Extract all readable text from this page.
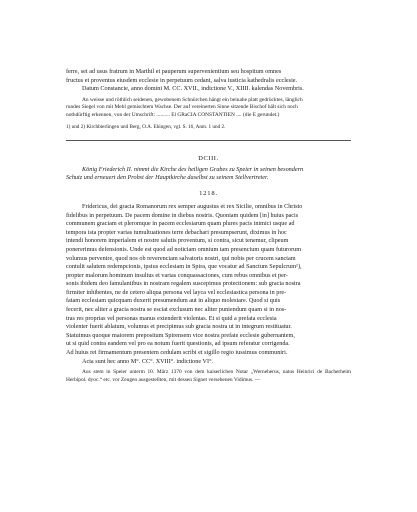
ferre, set ad usus fratrum in Marthil et pauperum supervenientium seu hospitum omnes

fructus et proventus eiusdem ecclesie in perpetuum cedant, salva iusticia kathedralis ecclesie.

Datum Constancie, anno domini M. CC. XVII., indictione V., XIIII. kalendas Novembris.

An weisse und röthlich seidenen, gewobenem Schnürchen hängt ein beinahe platt gedrücktes, länglich

rundes Siegel von mit Mehl gemischtem Wachse. Der auf vereinerten Sinne sitzende Bischof hält sich noch

nothdürftig erkennen, von der Umschrift: .......... El GRaCIA CONSTANTIEN .... (die E gerundet.)

1) und 2) Kirchbierlingen und Berg, O.A. Ehingen, vgl. S. 16, Anm. 1 und 2.

DCIII.

König Friederich II. nimmt die Kirche des heiligen Grabes zu Speier in seinen besondern

Schutz und erneuert den Probst der Hauptkirche daselbst zu seinem Stellvertreter.

1218.

Fridericus, dei gracia Romanorum rex semper augustus et rex Sicilie, omnibus in Christo

fidelibus in perpetuum. De pacem domine in diebus nostris. Quoniam quidem [in] huius pacis

communem graciam et pleromque in pacem ecclesiarum quam plures pacis inimici usque ad

tempora ista propter varias tumultuationes terre debachari presumpserunt, diximus in hoc

intendi honorem imperialem et nostre salutis proventum, si contra, sicut tenemur, clipeum

ponererimus defensionis. Unde est quod ad noticiam omnium tam presencium quam futurorum

volumus pervenire, quod nos ob reverenciam salvatoris nostri, qui nobis per crucem sanctam

contulit salutem redempcionis, ipsius ecclesiam in Spira, que vocatur ad Sanctum Sepulcrum¹),

propter malorum hominum insultus et varias conquassaciones, cum rebus omnibus et per-

sonis ibidem deo famulantibus in nostram regalem suscepimus protectionem: sub gracia nostra

firmiter inhibentes, ne de cetero aliqua persona vel layca vel ecclesiastica persona in pre-

fatam ecclesiam quicquam duxerit presumendum aut in aliquo molestare. Quod si quis

fecerit, nec aliter a gracia nostra se esciat exclusum nec aliter puniendum quam si in nos-

tras res proprias vel personas manus extenderit violentas. Et si quid a prefata ecclesia

violenter fuerit ablatum, volumus et precipimus sub gracia nostra ut in integrum restituatur.

Statuimus quoque maiorem prepositum Spirensem vice nostra prefate ecclesie gubernantem,

ut si quid contra eandem vel pro ea notum fuerit questionis, ad ipsum referatur corrigenda.

Ad huius rei firmamentum presentem cedulam scribi et sigillo regio iussimus communiri.

Acta sunt hec anno M°. CC°. XVIII°. indictione VI°.

Aus stem in Speier unterm 10. März 1370 von dem kaiserlichen Notar „Werneherus, natus Heinrici de Bacherheim Herbipol. dyoc.“ etc. vor Zeugen ausgestellten, mit dessen Signet versehenen Vidimus. —
